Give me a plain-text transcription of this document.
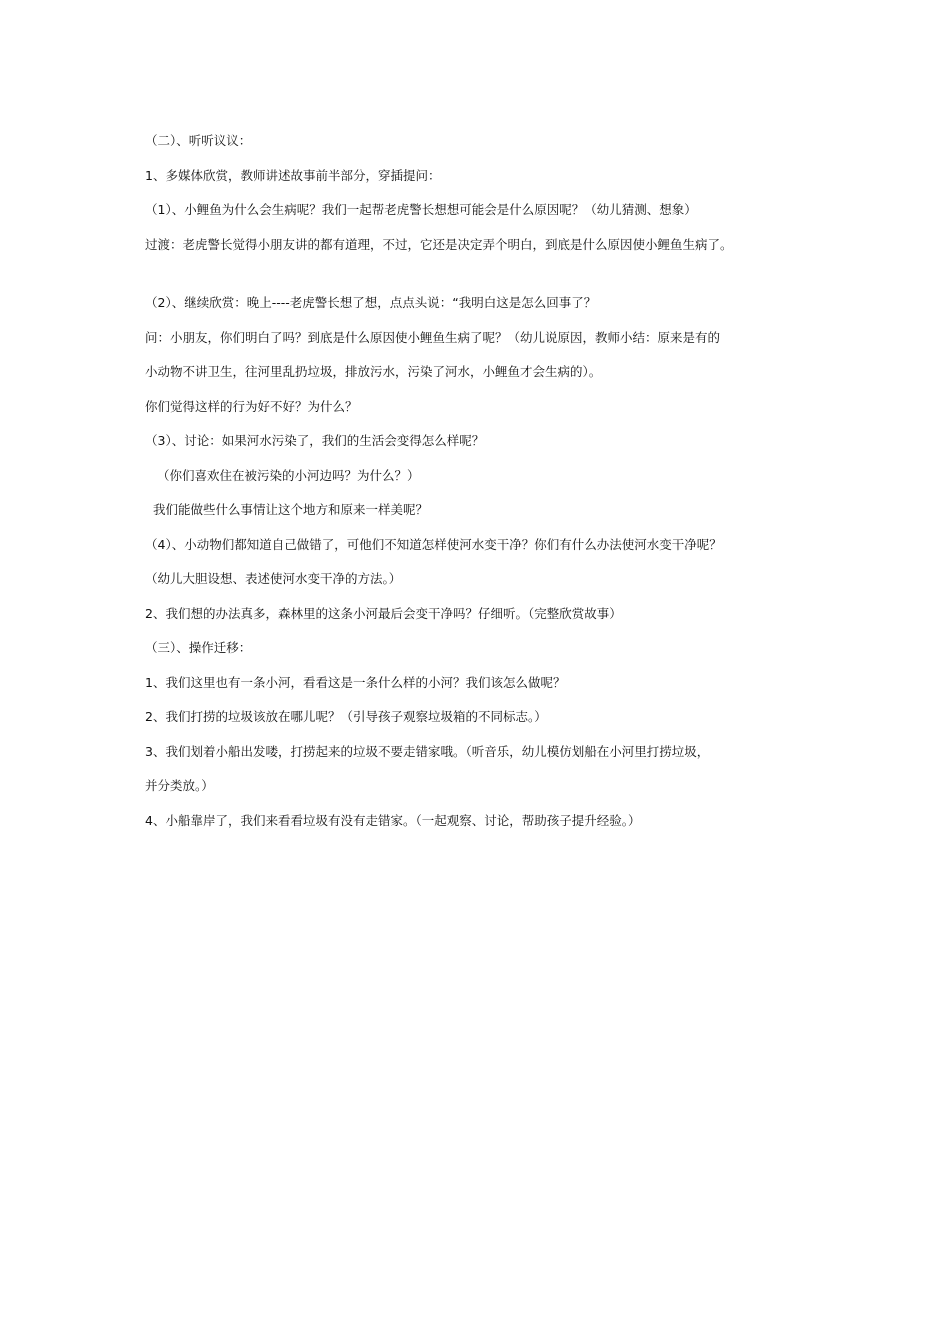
（二）、听听议议：
1、多媒体欣赏，教师讲述故事前半部分，穿插提问：
（1）、小鲤鱼为什么会生病呢？我们一起帮老虎警长想想可能会是什么原因呢？（幼儿猜测、想象）
过渡：老虎警长觉得小朋友讲的都有道理，不过，它还是决定弄个明白，到底是什么原因使小鲤鱼生病了。
（2）、继续欣赏：晚上----老虎警长想了想，点点头说：“我明白这是怎么回事了？
问：小朋友，你们明白了吗？到底是什么原因使小鲤鱼生病了呢？（幼儿说原因，教师小结：原来是有的
小动物不讲卫生，往河里乱扔垃圾，排放污水，污染了河水，小鲤鱼才会生病的）。
你们觉得这样的行为好不好？为什么？
（3）、讨论：如果河水污染了，我们的生活会变得怎么样呢？
（你们喜欢住在被污染的小河边吗？为什么？）
我们能做些什么事情让这个地方和原来一样美呢？
（4）、小动物们都知道自己做错了，可他们不知道怎样使河水变干净？你们有什么办法使河水变干净呢？
（幼儿大胆设想、表述使河水变干净的方法。）
2、我们想的办法真多，森林里的这条小河最后会变干净吗？仔细听。（完整欣赏故事）
（三）、操作迁移：
1、我们这里也有一条小河，看看这是一条什么样的小河？我们该怎么做呢？
2、我们打捞的垃圾该放在哪儿呢？（引导孩子观察垃圾箱的不同标志。）
3、我们划着小船出发喽，打捞起来的垃圾不要走错家哦。（听音乐，幼儿模仿划船在小河里打捞垃圾，
并分类放。）
4、小船靠岸了，我们来看看垃圾有没有走错家。（一起观察、讨论，帮助孩子提升经验。）
